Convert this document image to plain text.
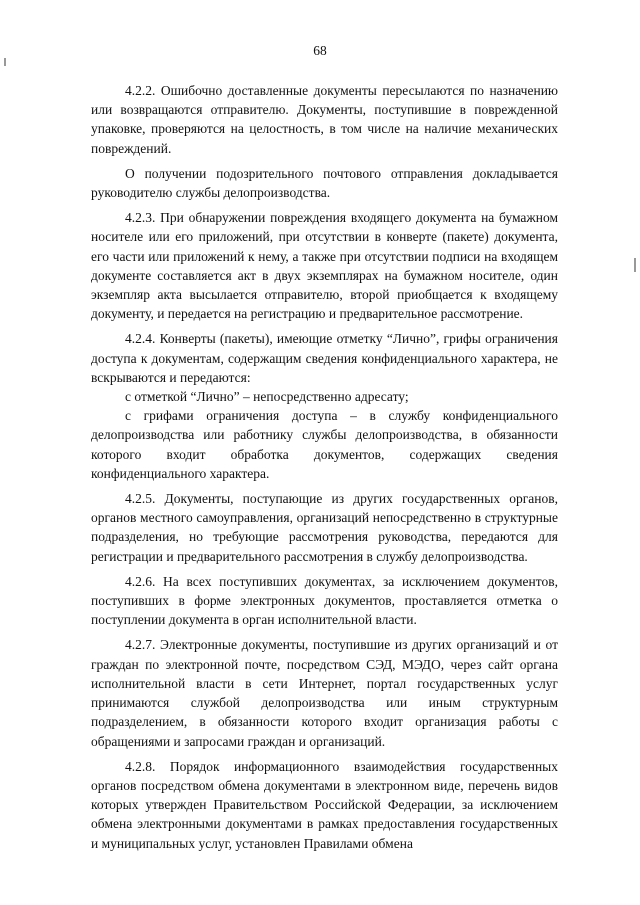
68

4.2.2. Ошибочно доставленные документы пересылаются по назначению или возвращаются отправителю. Документы, поступившие в поврежденной упаковке, проверяются на целостность, в том числе на наличие механических повреждений.

О получении подозрительного почтового отправления докладывается руководителю службы делопроизводства.

4.2.3. При обнаружении повреждения входящего документа на бумажном носителе или его приложений, при отсутствии в конверте (пакете) документа, его части или приложений к нему, а также при отсутствии подписи на входящем документе составляется акт в двух экземплярах на бумажном носителе, один экземпляр акта высылается отправителю, второй приобщается к входящему документу, и передается на регистрацию и предварительное рассмотрение.

4.2.4. Конверты (пакеты), имеющие отметку “Лично”, грифы ограничения доступа к документам, содержащим сведения конфиденциального характера, не вскрываются и передаются:

с отметкой “Лично” – непосредственно адресату;

с грифами ограничения доступа – в службу конфиденциального делопроизводства или работнику службы делопроизводства, в обязанности которого входит обработка документов, содержащих сведения конфиденциального характера.

4.2.5. Документы, поступающие из других государственных органов, органов местного самоуправления, организаций непосредственно в структурные подразделения, но требующие рассмотрения руководства, передаются для регистрации и предварительного рассмотрения в службу делопроизводства.

4.2.6. На всех поступивших документах, за исключением документов, поступивших в форме электронных документов, проставляется отметка о поступлении документа в орган исполнительной власти.

4.2.7. Электронные документы, поступившие из других организаций и от граждан по электронной почте, посредством СЭД, МЭДО, через сайт органа исполнительной власти в сети Интернет, портал государственных услуг принимаются службой делопроизводства или иным структурным подразделением, в обязанности которого входит организация работы с обращениями и запросами граждан и организаций.

4.2.8. Порядок информационного взаимодействия государственных органов посредством обмена документами в электронном виде, перечень видов которых утвержден Правительством Российской Федерации, за исключением обмена электронными документами в рамках предоставления государственных и муниципальных услуг, установлен Правилами обмена
